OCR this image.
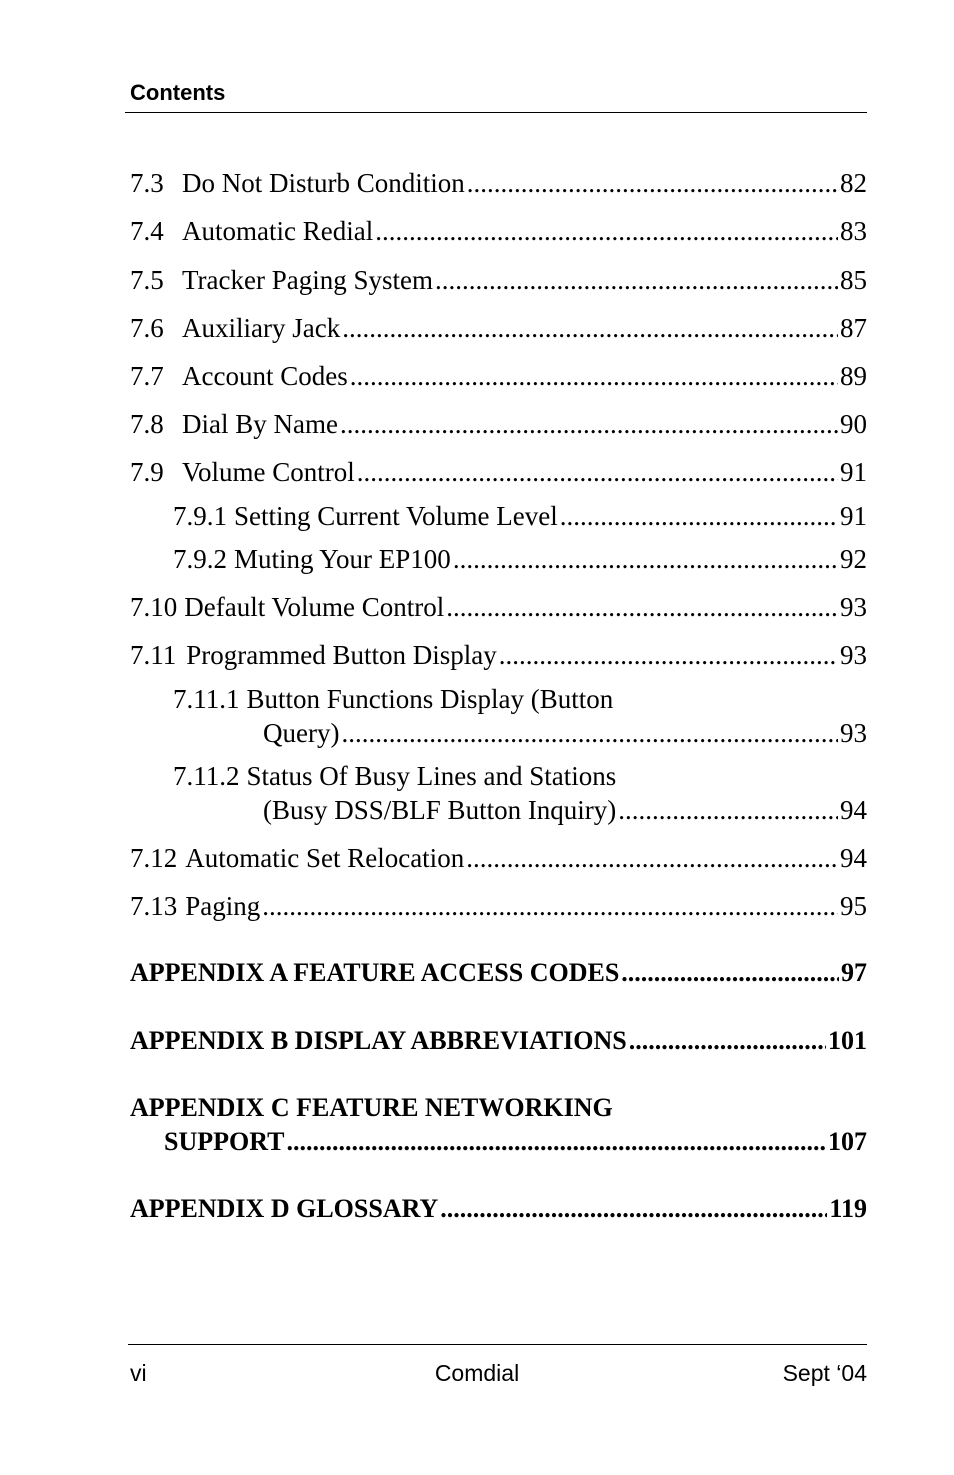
Contents
7.3 Do Not Disturb Condition .....	82
7.4 Automatic Redial .....	83
7.5 Tracker Paging System .....	85
7.6 Auxiliary Jack .....	87
7.7 Account Codes .....	89
7.8 Dial By Name .....	90
7.9 Volume Control .....	91
7.9.1 Setting Current Volume Level .....	91
7.9.2 Muting Your EP100 .....	92
7.10 Default Volume Control .....	93
7.11 Programmed Button Display .....	93
7.11.1 Button Functions Display (Button
Query) .....	93
7.11.2 Status Of Busy Lines and Stations
(Busy DSS/BLF Button Inquiry) .....	94
7.12 Automatic Set Relocation .....	94
7.13 Paging .....	95
APPENDIX A FEATURE ACCESS CODES .....	97
APPENDIX B DISPLAY ABBREVIATIONS .....	101
APPENDIX C FEATURE NETWORKING
SUPPORT .....	107
APPENDIX D GLOSSARY .....	119
vi	Comdial	Sept ‘04
